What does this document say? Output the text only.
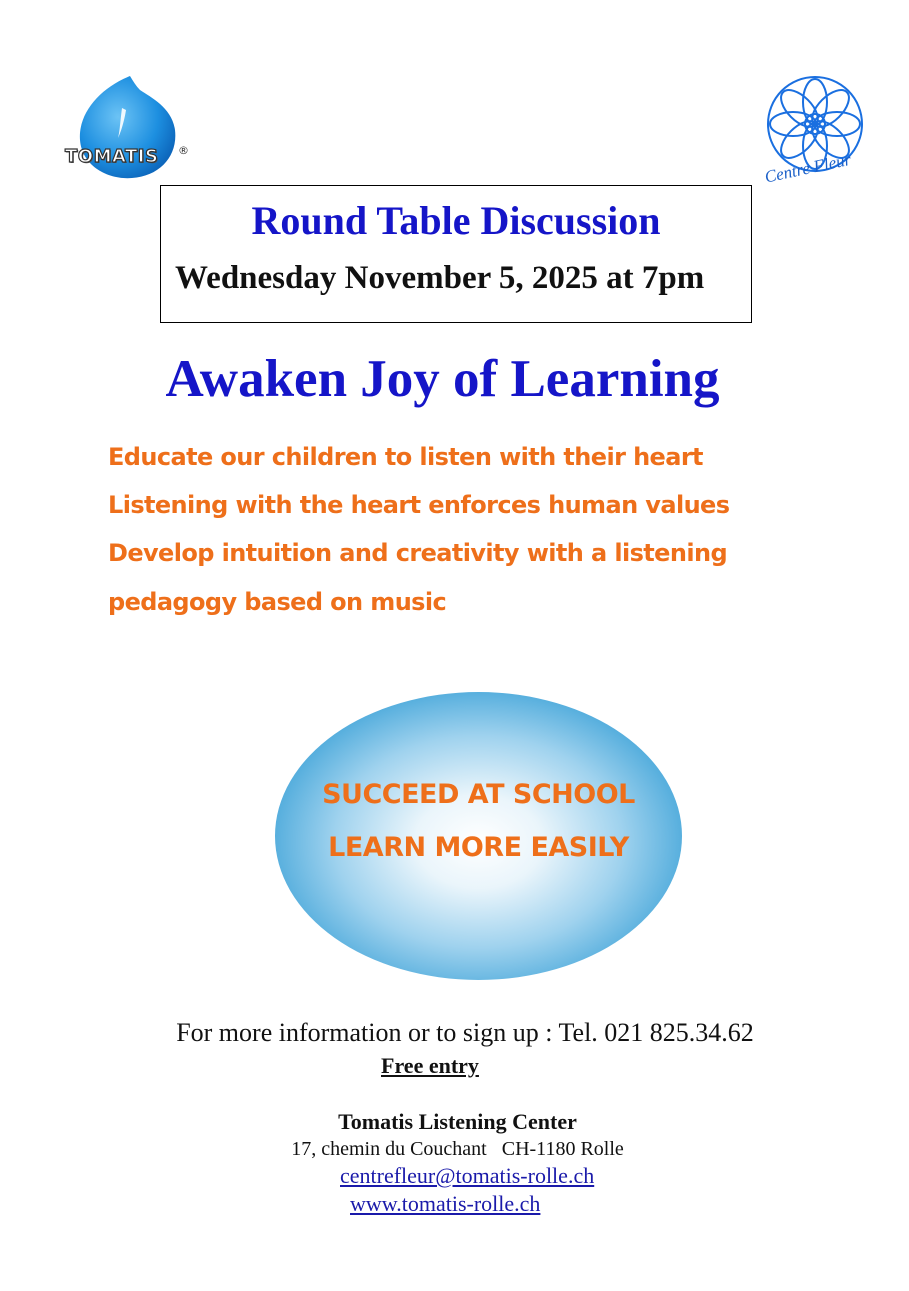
TOMATIS ®	Centre Fleur
Round Table Discussion
Wednesday November 5, 2025 at 7pm
Awaken Joy of Learning
Educate our children to listen with their heart
Listening with the heart enforces human values
Develop intuition and creativity with a listening
pedagogy based on music
SUCCEED AT SCHOOL
LEARN MORE EASILY
For more information or to sign up : Tel. 021 825.34.62
Free entry
Tomatis Listening Center
17, chemin du Couchant   CH-1180 Rolle
centrefleur@tomatis-rolle.ch
www.tomatis-rolle.ch
